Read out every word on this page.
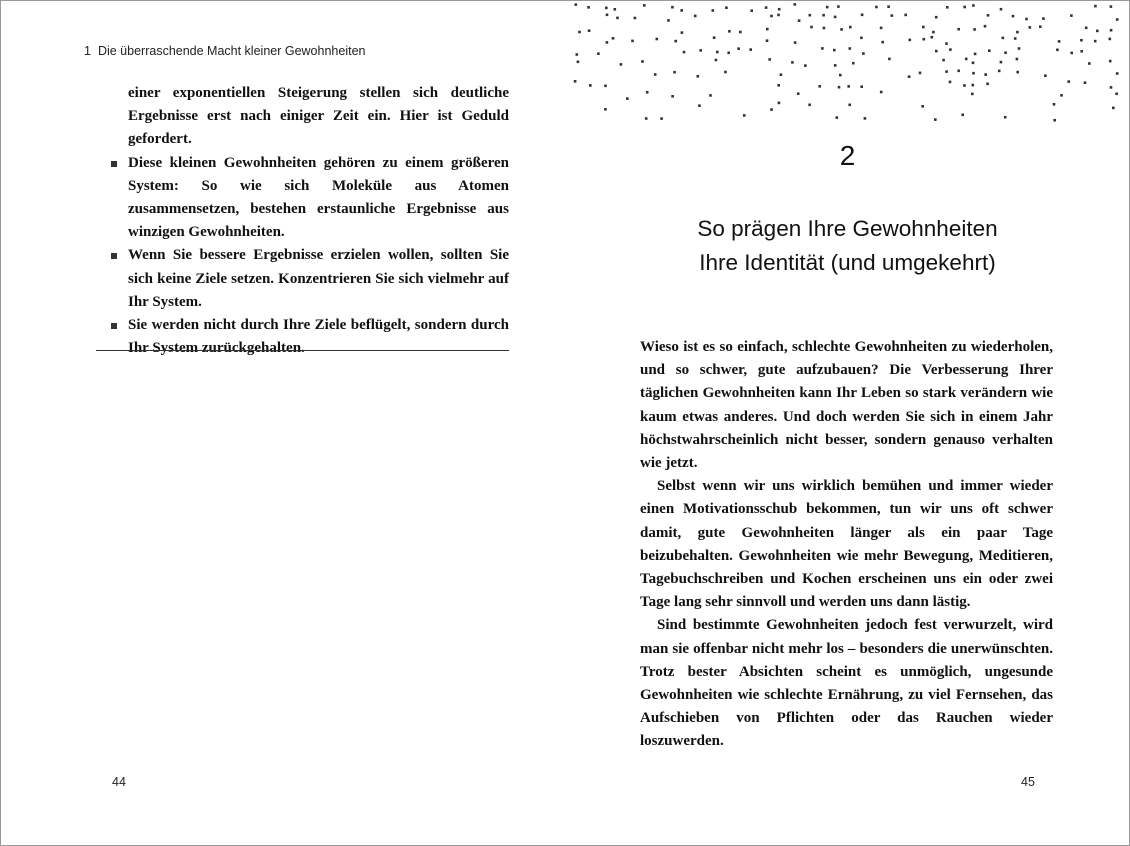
1 Die überraschende Macht kleiner Gewohnheiten

einer exponentiellen Steigerung stellen sich deutliche Ergebnisse erst nach einiger Zeit ein. Hier ist Geduld gefordert.

Diese kleinen Gewohnheiten gehören zu einem größeren System: So wie sich Moleküle aus Atomen zusammensetzen, bestehen erstaunliche Ergebnisse aus winzigen Gewohnheiten.
Wenn Sie bessere Ergebnisse erzielen wollen, sollten Sie sich keine Ziele setzen. Konzentrieren Sie sich vielmehr auf Ihr System.
Sie werden nicht durch Ihre Ziele beflügelt, sondern durch Ihr System zurückgehalten.
44
2
So prägen Ihre Gewohnheiten
Ihre Identität (und umgekehrt)

Wieso ist es so einfach, schlechte Gewohnheiten zu wiederholen, und so schwer, gute aufzubauen? Die Verbesserung Ihrer täglichen Gewohnheiten kann Ihr Leben so stark verändern wie kaum etwas anderes. Und doch werden Sie sich in einem Jahr höchstwahrscheinlich nicht besser, sondern genauso verhalten wie jetzt.

Selbst wenn wir uns wirklich bemühen und immer wieder einen Motivationsschub bekommen, tun wir uns oft schwer damit, gute Gewohnheiten länger als ein paar Tage beizubehalten. Gewohnheiten wie mehr Bewegung, Meditieren, Tagebuchschreiben und Kochen erscheinen uns ein oder zwei Tage lang sehr sinnvoll und werden uns dann lästig.

Sind bestimmte Gewohnheiten jedoch fest verwurzelt, wird man sie offenbar nicht mehr los – besonders die unerwünschten. Trotz bester Absichten scheint es unmöglich, ungesunde Gewohnheiten wie schlechte Ernährung, zu viel Fernsehen, das Aufschieben von Pflichten oder das Rauchen wieder loszuwerden.

45
